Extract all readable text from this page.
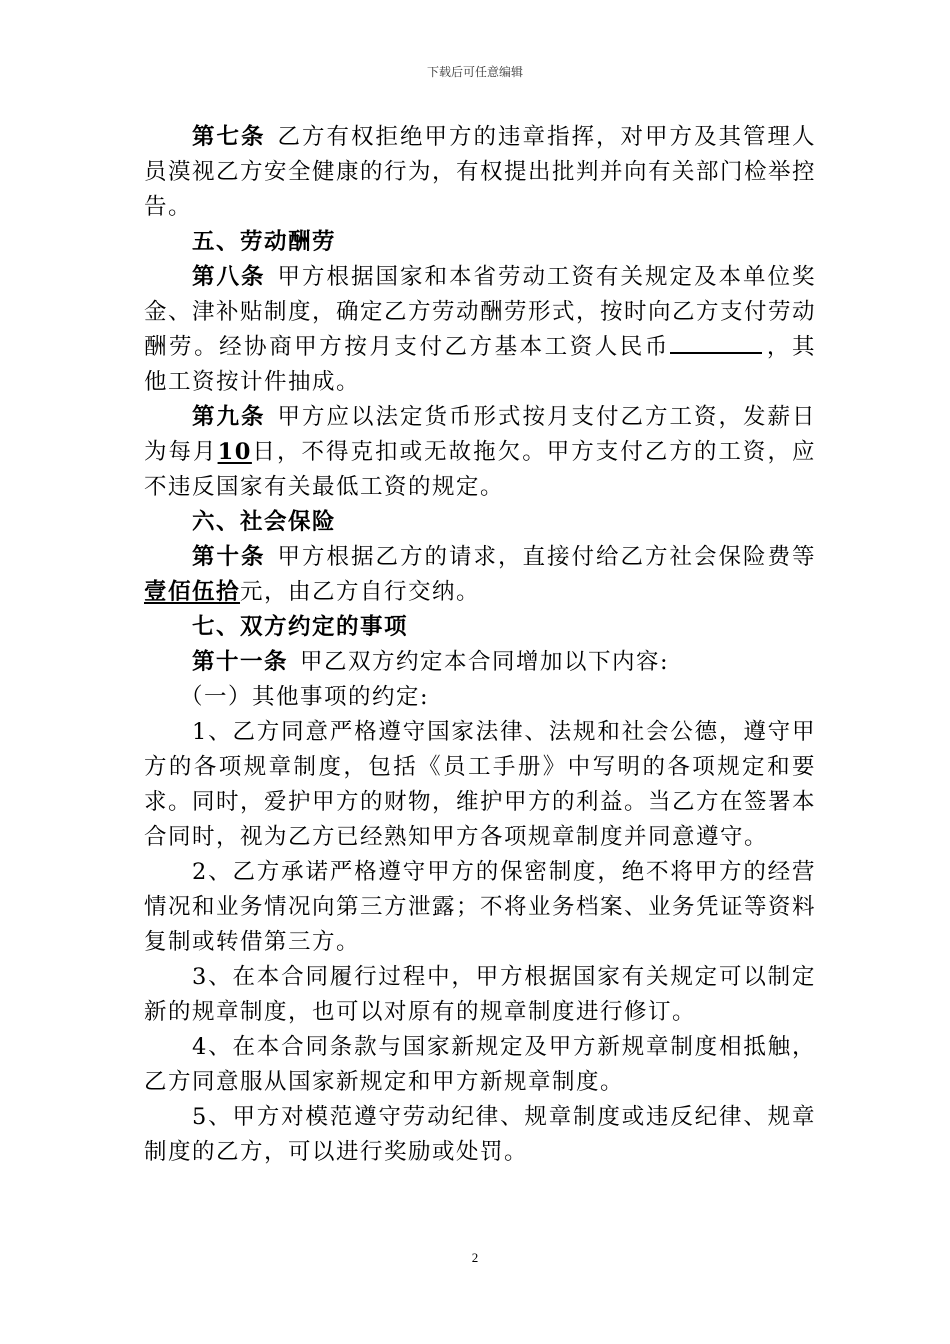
下载后可任意编辑

第七条 乙方有权拒绝甲方的违章指挥，对甲方及其管理人员漠视乙方安全健康的行为，有权提出批判并向有关部门检举控告。

五、劳动酬劳

第八条 甲方根据国家和本省劳动工资有关规定及本单位奖金、津补贴制度，确定乙方劳动酬劳形式，按时向乙方支付劳动酬劳。经协商甲方按月支付乙方基本工资人民币	，其他工资按计件抽成。

第九条 甲方应以法定货币形式按月支付乙方工资，发薪日为每月10日，不得克扣或无故拖欠。甲方支付乙方的工资，应不违反国家有关最低工资的规定。

六、社会保险

第十条 甲方根据乙方的请求，直接付给乙方社会保险费等壹佰伍拾元，由乙方自行交纳。

七、双方约定的事项

第十一条 甲乙双方约定本合同增加以下内容:

（一）其他事项的约定:

1、乙方同意严格遵守国家法律、法规和社会公德，遵守甲方的各项规章制度，包括《员工手册》中写明的各项规定和要求。同时，爱护甲方的财物，维护甲方的利益。当乙方在签署本合同时，视为乙方已经熟知甲方各项规章制度并同意遵守。

2、乙方承诺严格遵守甲方的保密制度，绝不将甲方的经营情况和业务情况向第三方泄露；不将业务档案、业务凭证等资料复制或转借第三方。

3、在本合同履行过程中，甲方根据国家有关规定可以制定新的规章制度，也可以对原有的规章制度进行修订。

4、在本合同条款与国家新规定及甲方新规章制度相抵触，乙方同意服从国家新规定和甲方新规章制度。

5、甲方对模范遵守劳动纪律、规章制度或违反纪律、规章制度的乙方，可以进行奖励或处罚。

2
